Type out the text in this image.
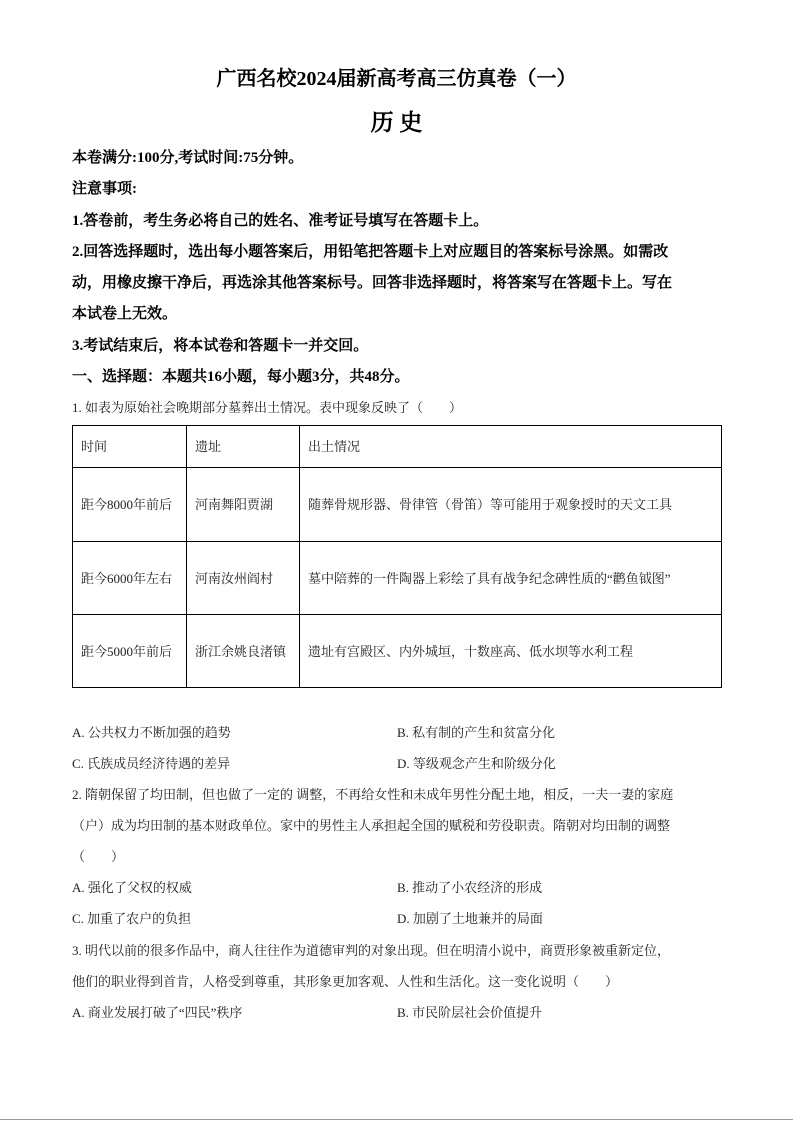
广西名校2024届新高考高三仿真卷（一）
历 史
本卷满分:100分,考试时间:75分钟。
注意事项:
1.答卷前，考生务必将自己的姓名、准考证号填写在答题卡上。
2.回答选择题时，选出每小题答案后，用铅笔把答题卡上对应题目的答案标号涂黑。如需改
动，用橡皮擦干净后，再选涂其他答案标号。回答非选择题时，将答案写在答题卡上。写在
本试卷上无效。
3.考试结束后，将本试卷和答题卡一并交回。
一、选择题：本题共16小题，每小题3分，共48分。
1. 如表为原始社会晚期部分墓葬出土情况。表中现象反映了（　　）
时间	遗址	出土情况
距今8000年前后	河南舞阳贾湖	随葬骨规形器、骨律管（骨笛）等可能用于观象授时的天文工具
距今6000年左右	河南汝州阎村	墓中陪葬的一件陶器上彩绘了具有战争纪念碑性质的“鹳鱼钺图”
距今5000年前后	浙江余姚良渚镇	遗址有宫殿区、内外城垣，十数座高、低水坝等水利工程
A. 公共权力不断加强的趋势	B. 私有制的产生和贫富分化
C. 氏族成员经济待遇的差异	D. 等级观念产生和阶级分化
2. 隋朝保留了均田制，但也做了一定的 调整，不再给女性和未成年男性分配土地，相反，一夫一妻的家庭
（户）成为均田制的基本财政单位。家中的男性主人承担起全国的赋税和劳役职责。隋朝对均田制的调整
（　　）
A. 强化了父权的权威	B. 推动了小农经济的形成
C. 加重了农户的负担	D. 加剧了土地兼并的局面
3. 明代以前的很多作品中，商人往往作为道德审判的对象出现。但在明清小说中，商贾形象被重新定位，
他们的职业得到首肯，人格受到尊重，其形象更加客观、人性和生活化。这一变化说明（　　）
A. 商业发展打破了“四民”秩序	B. 市民阶层社会价值提升
